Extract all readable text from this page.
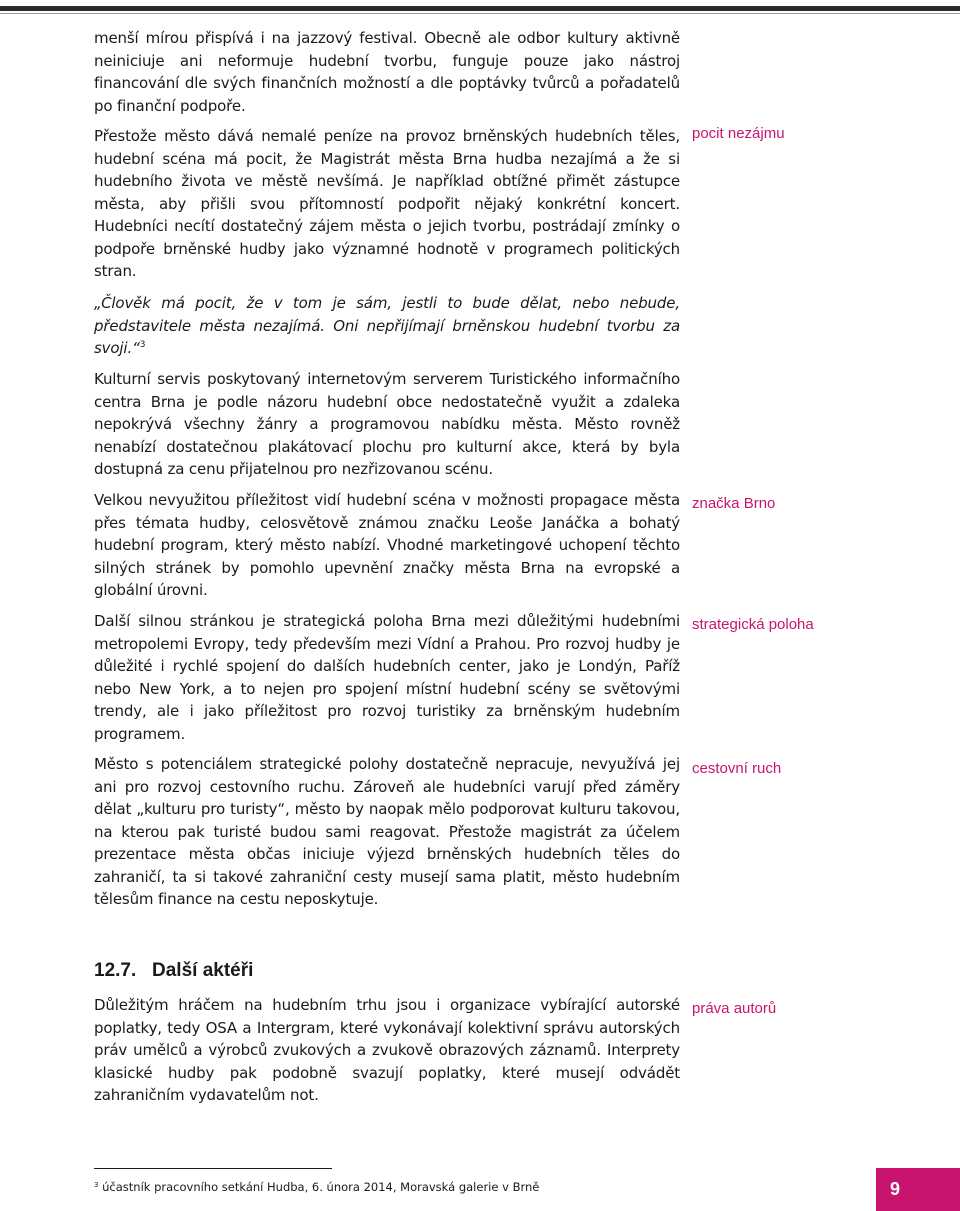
menší mírou přispívá i na jazzový festival. Obecně ale odbor kultury aktivně neiniciuje ani neformuje hudební tvorbu, funguje pouze jako nástroj financování dle svých finančních možností a dle poptávky tvůrců a pořadatelů po finanční podpoře.

Přestože město dává nemalé peníze na provoz brněnských hudebních těles, hudební scéna má pocit, že Magistrát města Brna hudba nezajímá a že si hudebního života ve městě nevšímá. Je například obtížné přimět zástupce města, aby přišli svou přítomností podpořit nějaký konkrétní koncert. Hudebníci necítí dostatečný zájem města o jejich tvorbu, postrádají zmínky o podpoře brněnské hudby jako významné hodnotě v programech politických stran.

pocit nezájmu

„Člověk má pocit, že v tom je sám, jestli to bude dělat, nebo nebude, představitele města nezajímá. Oni nepřijímají brněnskou hudební tvorbu za svoji.“$^3$

Kulturní servis poskytovaný internetovým serverem Turistického informačního centra Brna je podle názoru hudební obce nedostatečně využit a zdaleka nepokrývá všechny žánry a programovou nabídku města. Město rovněž nenabízí dostatečnou plakátovací plochu pro kulturní akce, která by byla dostupná za cenu přijatelnou pro nezřizovanou scénu.

Velkou nevyužitou příležitost vidí hudební scéna v možnosti propagace města přes témata hudby, celosvětově známou značku Leoše Janáčka a bohatý hudební program, který město nabízí. Vhodné marketingové uchopení těchto silných stránek by pomohlo upevnění značky města Brna na evropské a globální úrovni.

značka Brno

Další silnou stránkou je strategická poloha Brna mezi důležitými hudebními metropolemi Evropy, tedy především mezi Vídní a Prahou. Pro rozvoj hudby je důležité i rychlé spojení do dalších hudebních center, jako je Londýn, Paříž nebo New York, a to nejen pro spojení místní hudební scény se světovými trendy, ale i jako příležitost pro rozvoj turistiky za brněnským hudebním programem.

strategická poloha

Město s potenciálem strategické polohy dostatečně nepracuje, nevyužívá jej ani pro rozvoj cestovního ruchu. Zároveň ale hudebníci varují před záměry dělat „kulturu pro turisty“, město by naopak mělo podporovat kulturu takovou, na kterou pak turisté budou sami reagovat. Přestože magistrát za účelem prezentace města občas iniciuje výjezd brněnských hudebních těles do zahraničí, ta si takové zahraniční cesty musejí sama platit, město hudebním tělesům finance na cestu neposkytuje.

cestovní ruch
12.7. Další aktéři

Důležitým hráčem na hudebním trhu jsou i organizace vybírající autorské poplatky, tedy OSA a Intergram, které vykonávají kolektivní správu autorských práv umělců a výrobců zvukových a zvukově obrazových záznamů. Interprety klasické hudby pak podobně svazují poplatky, které musejí odvádět zahraničním vydavatelům not.

práva autorů

$^3$ účastník pracovního setkání Hudba, 6. února 2014, Moravská galerie v Brně	9
